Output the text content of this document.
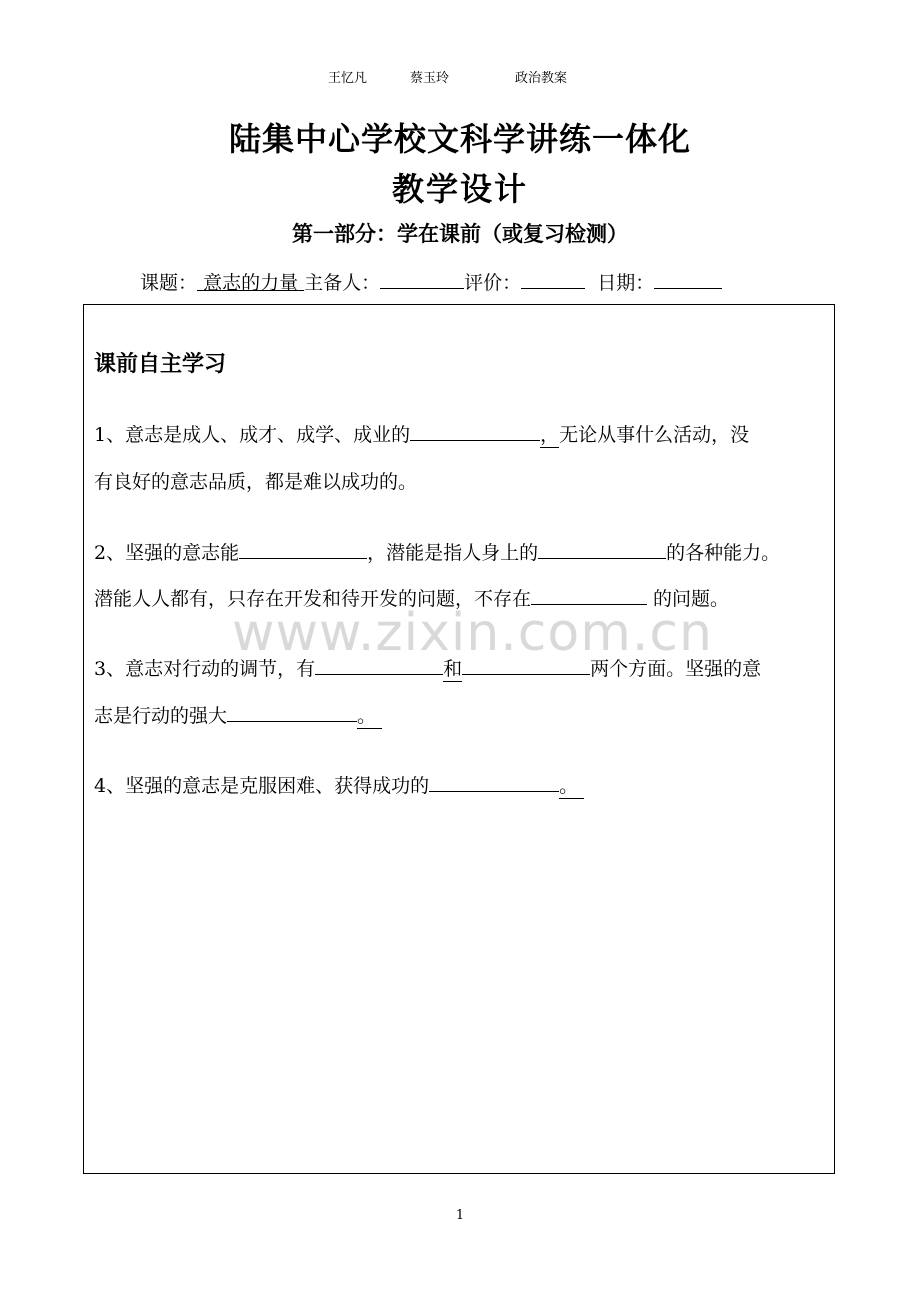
王忆凡	蔡玉玲	政治教案
陆集中心学校文科学讲练一体化
教学设计
第一部分：学在课前（或复习检测）
课题： 意志的力量 主备人：	评价：	日期：
课前自主学习
1、意志是成人、成才、成学、成业的	，无论从事什么活动，没
有良好的意志品质，都是难以成功的。
2、坚强的意志能	，潜能是指人身上的	的各种能力。
潜能人人都有，只存在开发和待开发的问题，不存在	的问题。
3、意志对行动的调节，有	和	两个方面。坚强的意
志是行动的强大	。
4、坚强的意志是克服困难、获得成功的	。
www.zixin.com.cn
1
